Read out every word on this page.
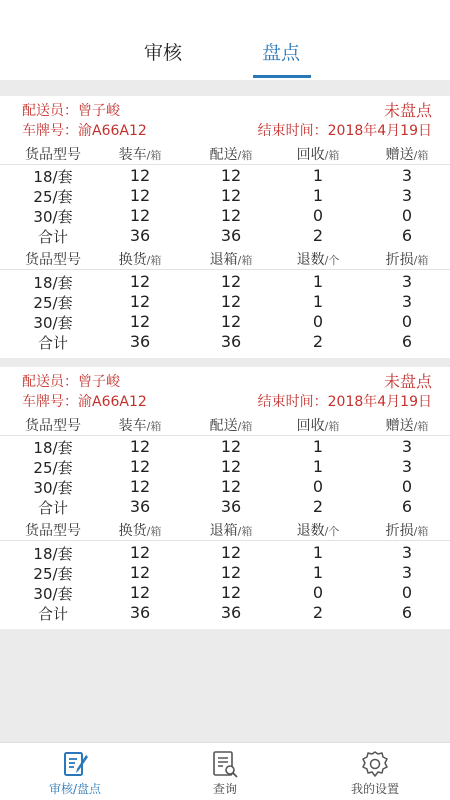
审核	盘点
配送员：曾子峻	未盘点
车牌号：渝A66A12	结束时间：2018年4月19日
货品型号	装车/箱	配送/箱	回收/箱	赠送/箱
18/套	12	12	1	3
25/套	12	12	1	3
30/套	12	12	0	0
合计	36	36	2	6
货品型号	换货/箱	退箱/箱	退数/个	折损/箱
18/套	12	12	1	3
25/套	12	12	1	3
30/套	12	12	0	0
合计	36	36	2	6
配送员：曾子峻	未盘点
车牌号：渝A66A12	结束时间：2018年4月19日
货品型号	装车/箱	配送/箱	回收/箱	赠送/箱
18/套	12	12	1	3
25/套	12	12	1	3
30/套	12	12	0	0
合计	36	36	2	6
货品型号	换货/箱	退箱/箱	退数/个	折损/箱
18/套	12	12	1	3
25/套	12	12	1	3
30/套	12	12	0	0
合计	36	36	2	6
审核/盘点	查询	我的设置
